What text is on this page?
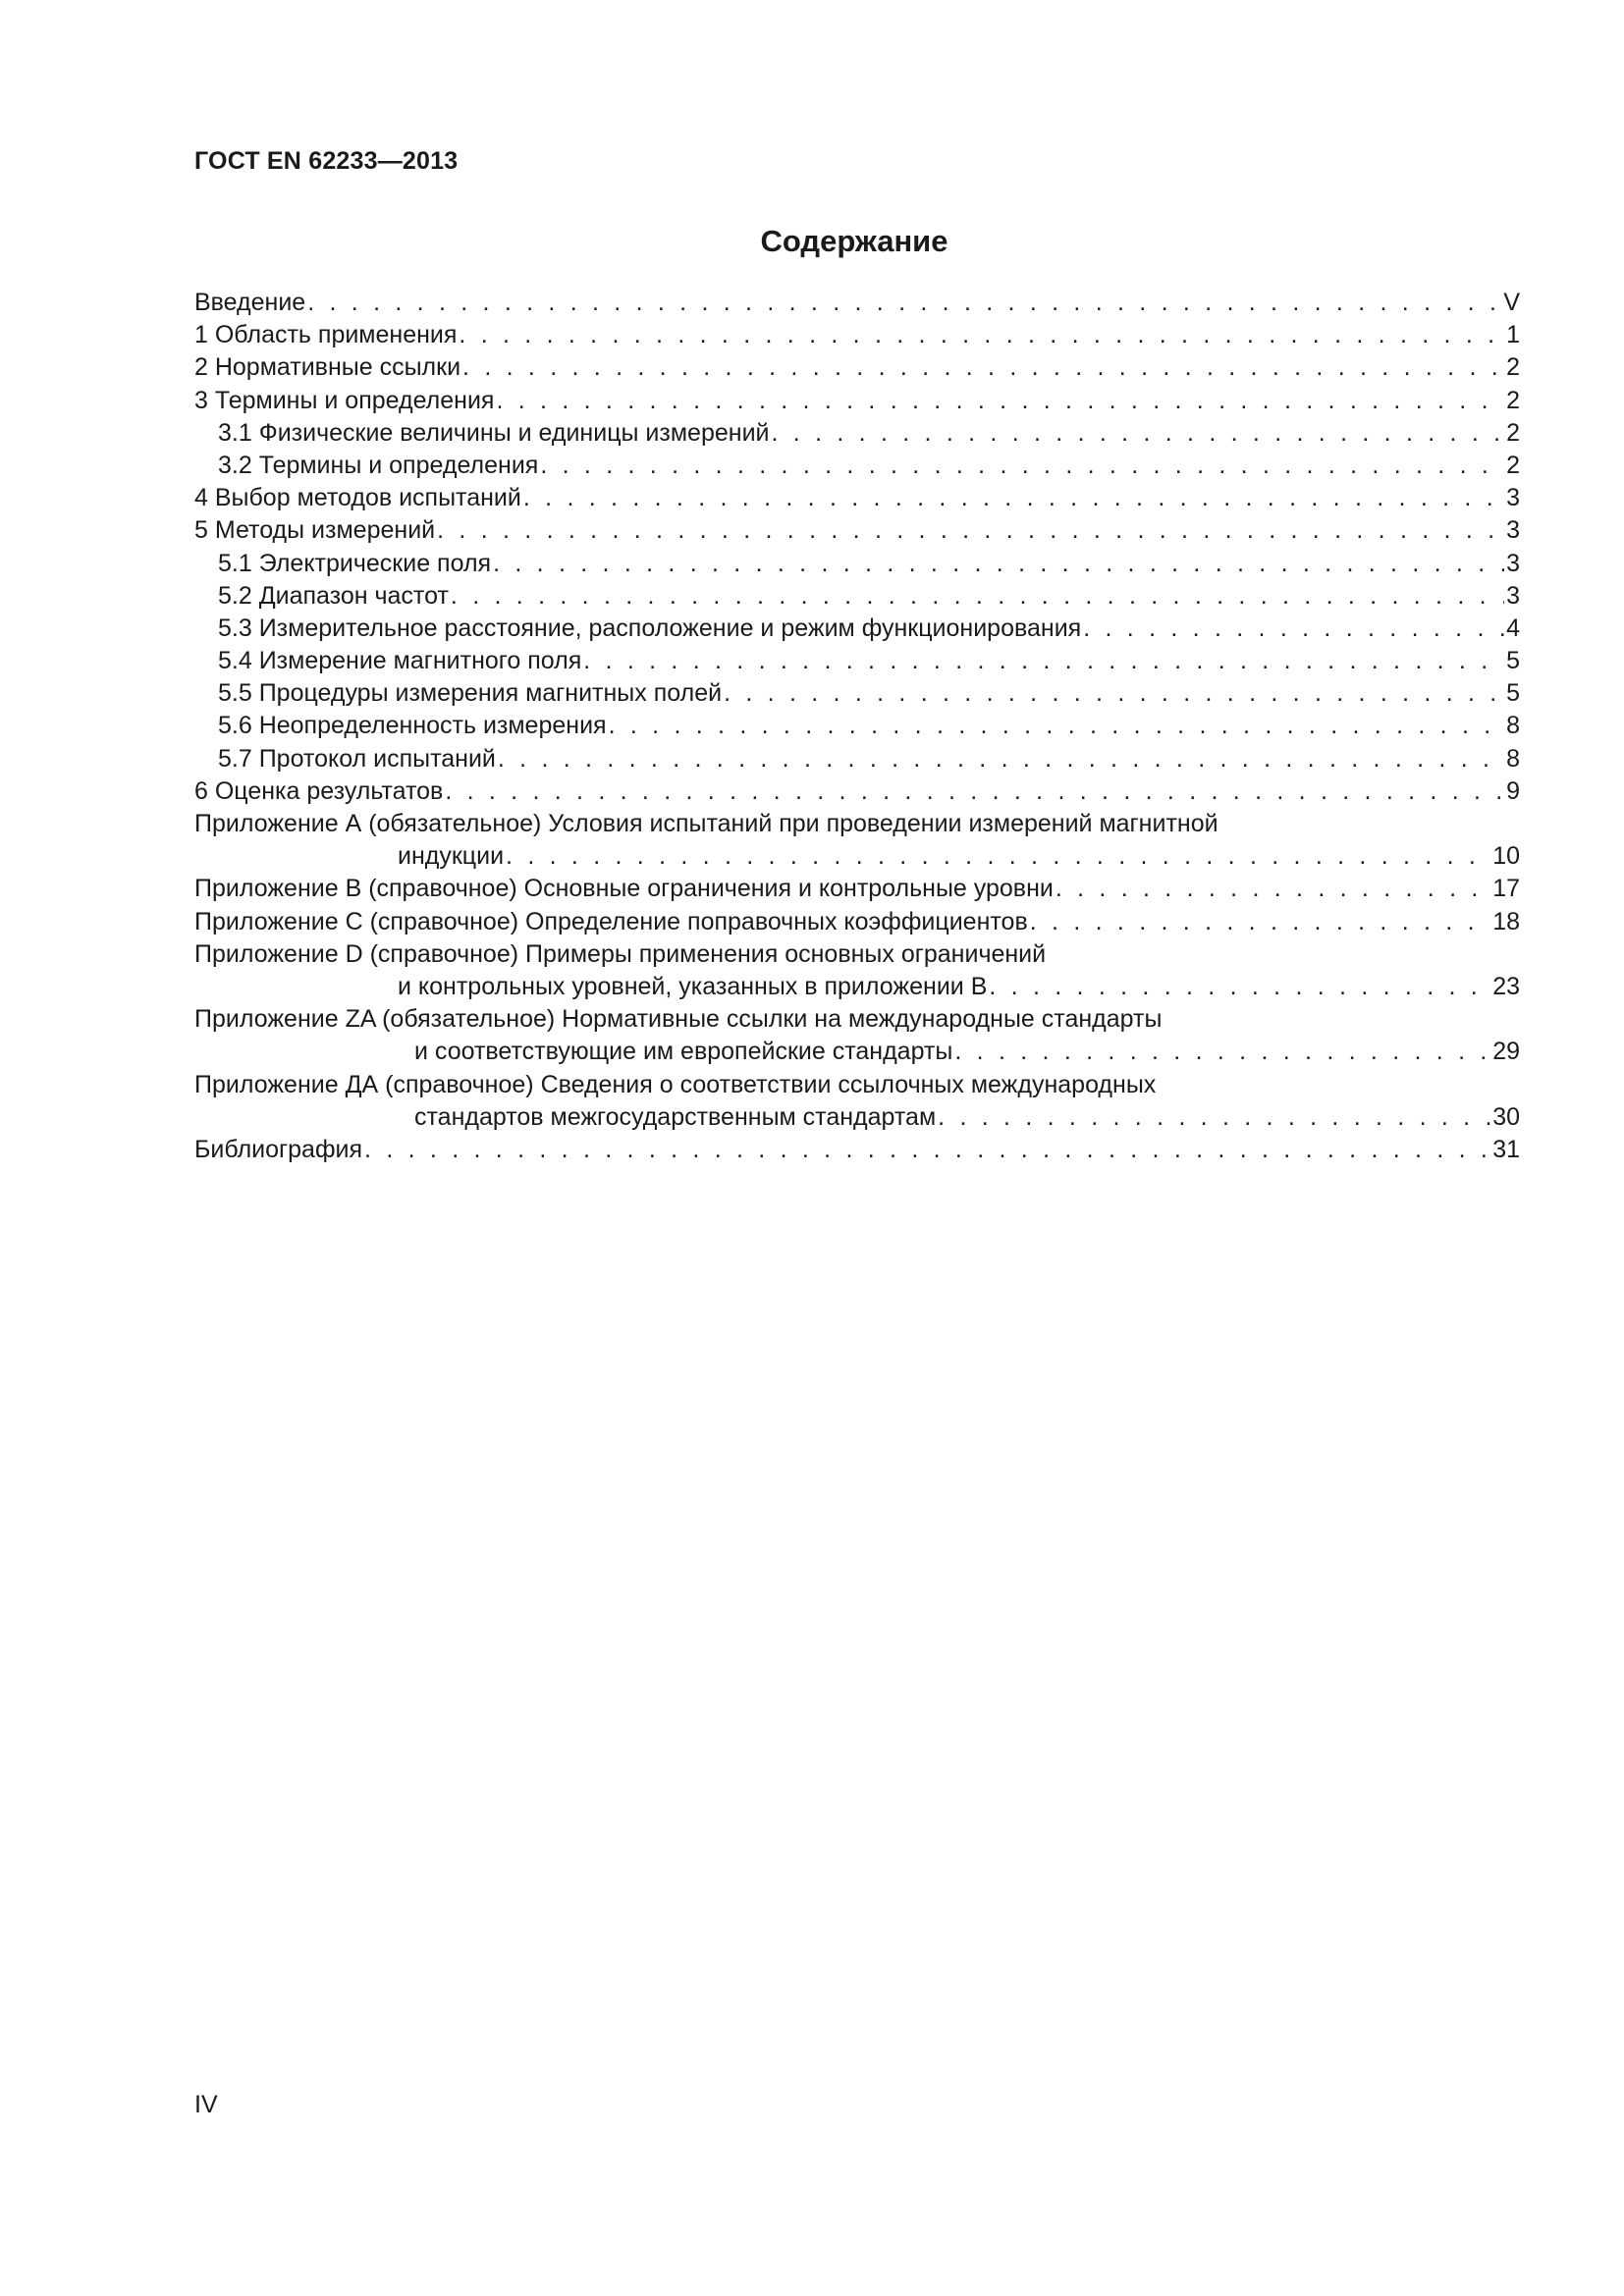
ГОСТ EN 62233—2013
Содержание
Введение . . .	V
1 Область применения . . .	1
2 Нормативные ссылки . . .	2
3 Термины и определения . . .	2
3.1 Физические величины и единицы измерений . . .	2
3.2 Термины и определения . . .	2
4 Выбор методов испытаний . . .	3
5 Методы измерений . . .	3
5.1 Электрические поля . . .	3
5.2 Диапазон частот . . .	3
5.3 Измерительное расстояние, расположение и режим функционирования . . .	4
5.4 Измерение магнитного поля . . .	5
5.5 Процедуры измерения магнитных полей . . .	5
5.6 Неопределенность измерения . . .	8
5.7 Протокол испытаний . . .	8
6 Оценка результатов . . .	9
Приложение А (обязательное) Условия испытаний при проведении измерений магнитной
индукции . . .	10
Приложение В (справочное) Основные ограничения и контрольные уровни . . .	17
Приложение С (справочное) Определение поправочных коэффициентов . . .	18
Приложение D (справочное) Примеры применения основных ограничений
и контрольных уровней, указанных в приложении В . . .	23
Приложение ZA (обязательное) Нормативные ссылки на международные стандарты
и соответствующие им европейские стандарты . . .	29
Приложение ДА (справочное) Сведения о соответствии ссылочных международных
стандартов межгосударственным стандартам . . .	30
Библиография . . .	31
IV
